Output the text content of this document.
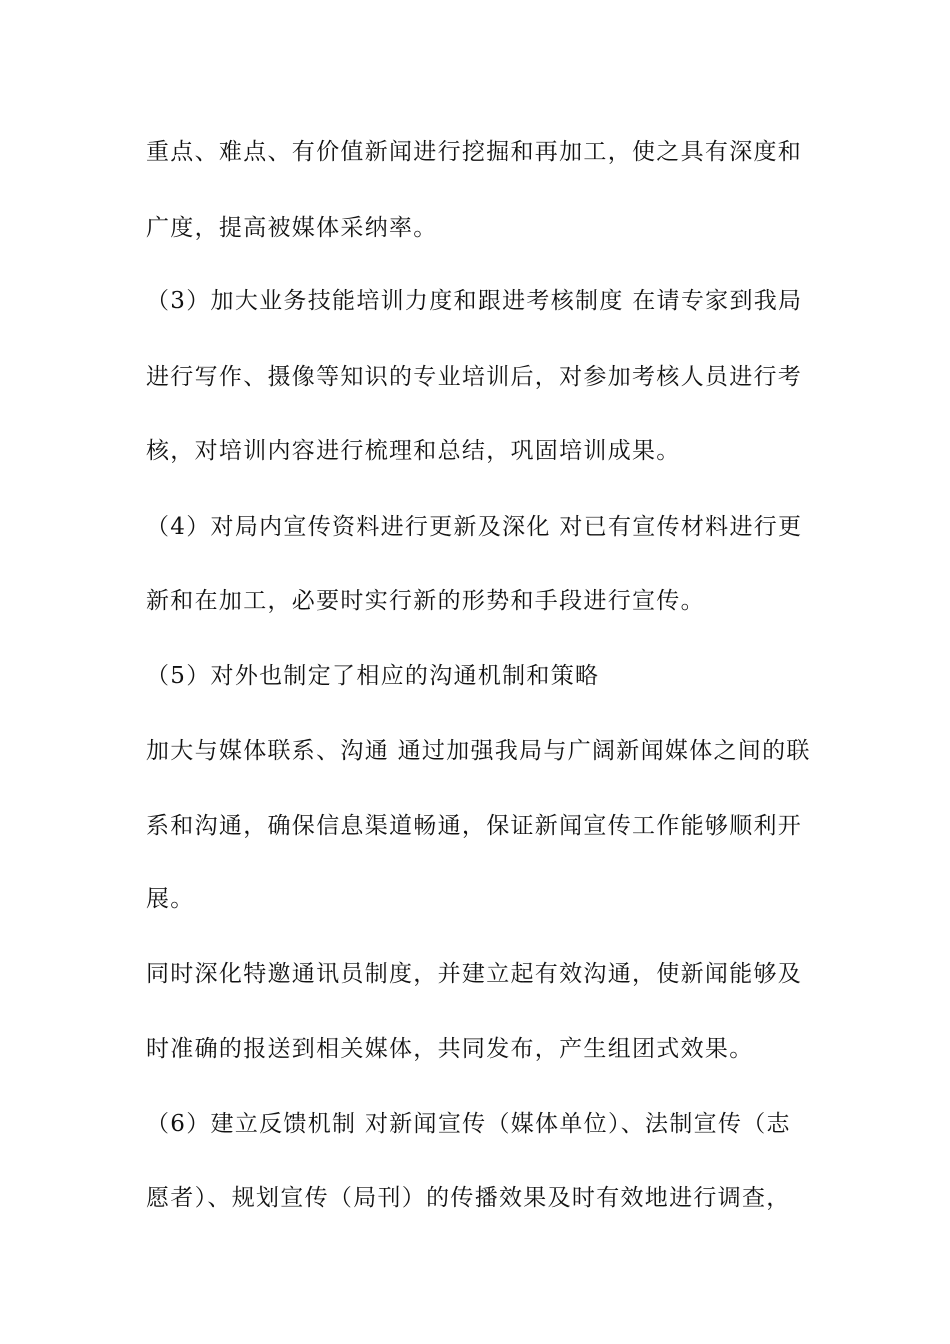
重点、难点、有价值新闻进行挖掘和再加工，使之具有深度和
广度，提高被媒体采纳率。
（3）加大业务技能培训力度和跟进考核制度 在请专家到我局
进行写作、摄像等知识的专业培训后，对参加考核人员进行考
核，对培训内容进行梳理和总结，巩固培训成果。
（4）对局内宣传资料进行更新及深化 对已有宣传材料进行更
新和在加工，必要时实行新的形势和手段进行宣传。
（5）对外也制定了相应的沟通机制和策略
加大与媒体联系、沟通 通过加强我局与广阔新闻媒体之间的联
系和沟通，确保信息渠道畅通，保证新闻宣传工作能够顺利开
展。
同时深化特邀通讯员制度，并建立起有效沟通，使新闻能够及
时准确的报送到相关媒体，共同发布，产生组团式效果。
（6）建立反馈机制 对新闻宣传（媒体单位）、法制宣传（志
愿者）、规划宣传（局刊）的传播效果及时有效地进行调查，
